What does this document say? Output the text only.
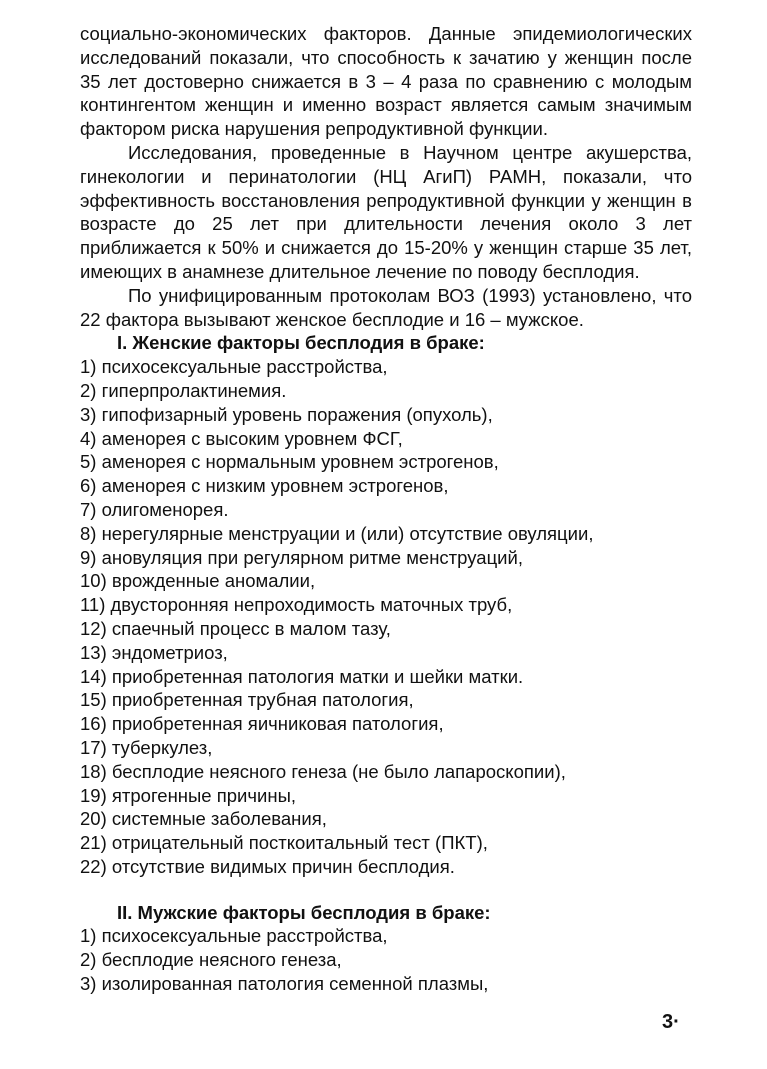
социально-экономических факторов. Данные эпидемиологических исследований показали, что способность к зачатию у женщин после 35 лет достоверно снижается в 3 – 4 раза по сравнению с молодым контингентом женщин и именно возраст является самым значимым фактором риска нарушения репродуктивной функции.

Исследования, проведенные в Научном центре акушерства, гинекологии и перинатологии (НЦ АгиП) РАМН, показали, что эффективность восстановления репродуктивной функции у женщин в возрасте до 25 лет при длительности лечения около 3 лет приближается к 50% и снижается до 15-20% у женщин старше 35 лет, имеющих в анамнезе длительное лечение по поводу бесплодия.

По унифицированным протоколам ВОЗ (1993) установлено, что 22 фактора вызывают женское бесплодие и 16 – мужское.

I. Женские факторы бесплодия в браке:

1) психосексуальные расстройства,
2) гиперпролактинемия.
3) гипофизарный уровень поражения (опухоль),
4) аменорея с высоким уровнем ФСГ,
5) аменорея с нормальным уровнем эстрогенов,
6) аменорея с низким уровнем эстрогенов,
7) олигоменорея.
8) нерегулярные менструации и (или) отсутствие овуляции,
9) ановуляция при регулярном ритме менструаций,
10) врожденные аномалии,
11) двусторонняя непроходимость маточных труб,
12) спаечный процесс в малом тазу,
13) эндометриоз,
14) приобретенная патология матки и шейки матки.
15) приобретенная трубная патология,
16) приобретенная яичниковая патология,
17) туберкулез,
18) бесплодие неясного генеза (не было лапароскопии),
19) ятрогенные причины,
20) системные заболевания,
21) отрицательный посткоитальный тест (ПКТ),
22) отсутствие видимых причин бесплодия.

II. Мужские факторы бесплодия в браке:

1) психосексуальные расстройства,
2) бесплодие неясного генеза,
3) изолированная патология семенной плазмы,
3·
